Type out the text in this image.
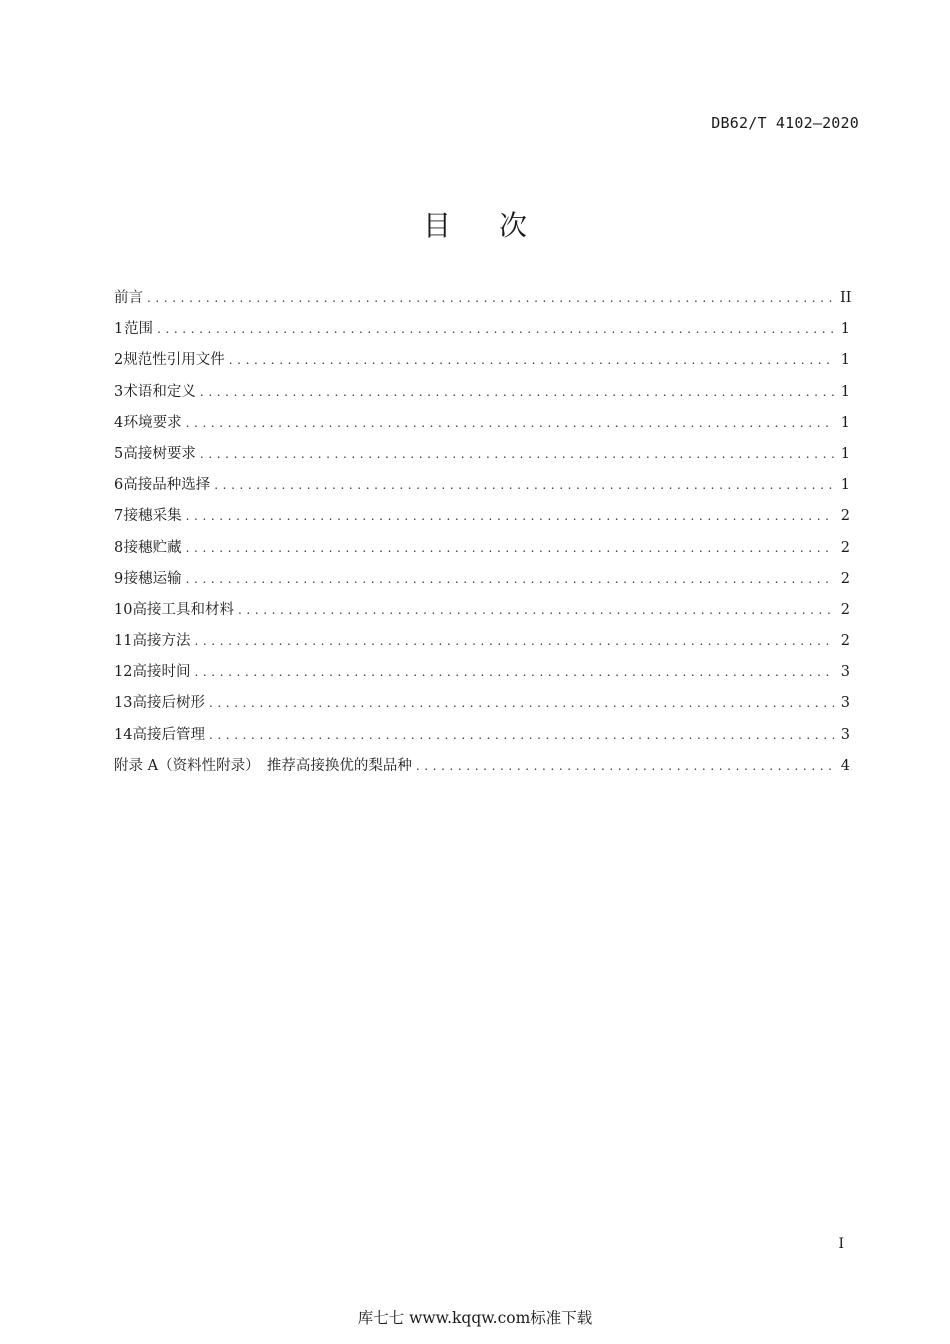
DB62/T 4102—2020
目次
前言 .....	II
1 范围 .....	1
2 规范性引用文件 .....	1
3 术语和定义 .....	1
4 环境要求 .....	1
5 高接树要求 .....	1
6 高接品种选择 .....	1
7 接穗采集 .....	2
8 接穗贮藏 .....	2
9 接穗运输 .....	2
10 高接工具和材料 .....	2
11 高接方法 .....	2
12 高接时间 .....	3
13 高接后树形 .....	3
14 高接后管理 .....	3
附录 A（资料性附录）　推荐高接换优的梨品种 .....	4
I
库七七 www.kqqw.com标准下载
